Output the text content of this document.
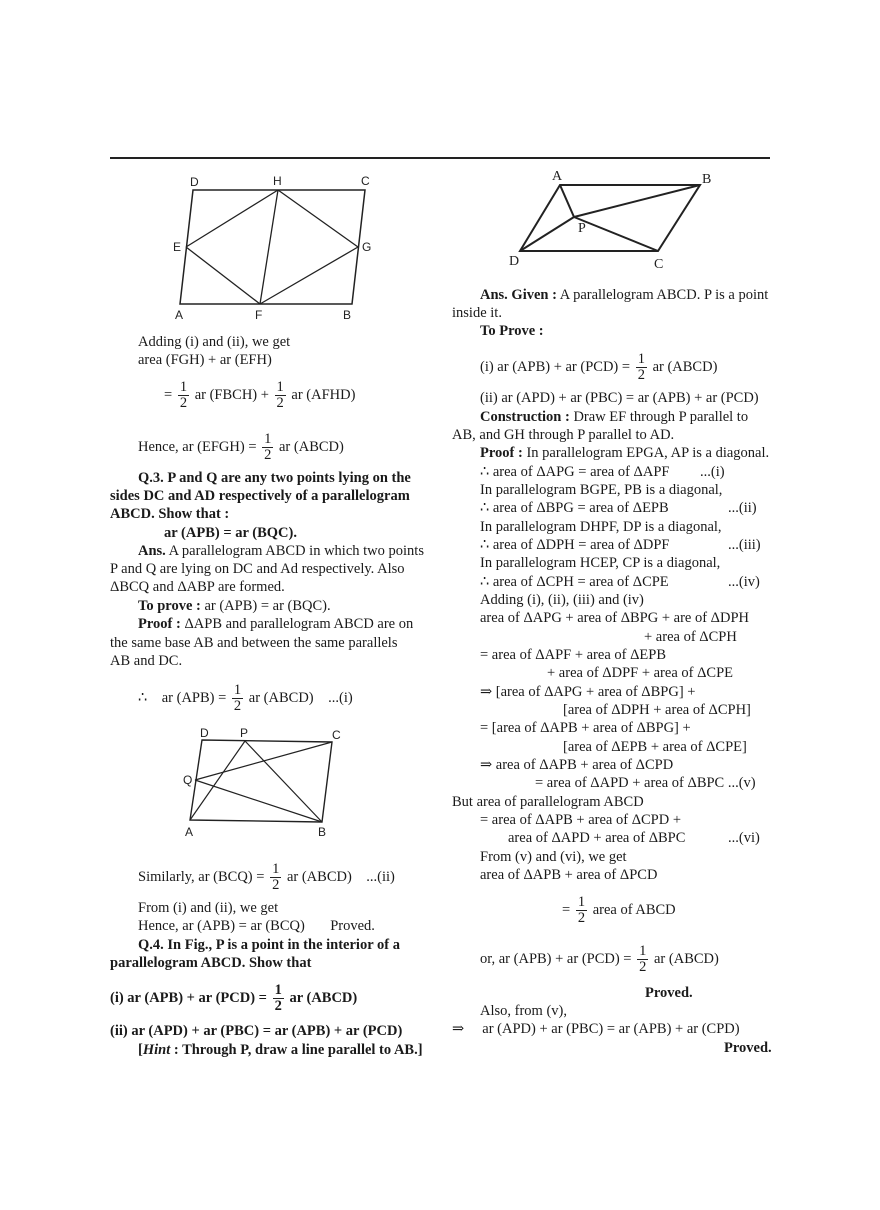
D	H	C
E	G
A	F	B
Adding (i) and (ii), we get
area (FGH) + ar (EFH)
= $\frac{1}{2}$ ar (FBCH) + $\frac{1}{2}$ ar (AFHD)
Hence, ar (EFGH) = $\frac{1}{2}$ ar (ABCD)
Q.3. P and Q are any two points lying on the
sides DC and AD respectively of a parallelogram
ABCD. Show that :
ar (APB) = ar (BQC).
Ans. A parallelogram ABCD in which two points
P and Q are lying on DC and Ad respectively. Also
ΔBCQ and ΔABP are formed.
To prove : ar (APB) = ar (BQC).
Proof : ΔAPB and parallelogram ABCD are on
the same base AB and between the same parallels
AB and DC.
∴ ar $(APB) = \frac{1}{2}$ ar (ABCD) ...(i)
D	P	C
Q
A	B
Similarly, ar $(BCQ) = \frac{1}{2}$ ar (ABCD) ...(ii)
From (i) and (ii), we get
Hence, ar (APB) = ar (BCQ) Proved.
Q.4. In Fig., P is a point in the interior of a
parallelogram ABCD. Show that
(i) ar (APB) + ar $(PCD) = \frac{1}{2}$ ar (ABCD)
(ii) ar (APD) + ar (PBC) = ar (APB) + ar (PCD)
[Hint : Through P, draw a line parallel to AB.]
A	B
P
D	C
Ans. Given : A parallelogram ABCD. P is a point
inside it.
To Prove :
(i) ar (APB) + ar $(PCD) = \frac{1}{2}$ ar (ABCD)
(ii) ar (APD) + ar (PBC) = ar (APB) + ar (PCD)
Construction : Draw EF through P parallel to
AB, and GH through P parallel to AD.
Proof : In parallelogram EPGA, AP is a diagonal.
∴ area of ΔAPG = area of ΔAPF ...(i)
In parallelogram BGPE, PB is a diagonal,
∴ area of ΔBPG = area of ΔEPB	...(ii)
In parallelogram DHPF, DP is a diagonal,
∴ area of ΔDPH = area of ΔDPF	...(iii)
In parallelogram HCEP, CP is a diagonal,
∴ area of ΔCPH = area of ΔCPE	...(iv)
Adding (i), (ii), (iii) and (iv)
area of ΔAPG + area of ΔBPG + are of ΔDPH
+ area of ΔCPH
= area of ΔAPF + area of ΔEPB
+ area of ΔDPF + area of ΔCPE
⇒ [area of ΔAPG + area of ΔBPG] +
[area of ΔDPH + area of ΔCPH]
= [area of ΔAPB + area of ΔBPG] +
[area of ΔEPB + area of ΔCPE]
⇒ area of ΔAPB + area of ΔCPD
= area of ΔAPD + area of ΔBPC ...(v)
But area of parallelogram ABCD
= area of ΔAPB + area of ΔCPD +
area of ΔAPD + area of ΔBPC	...(vi)
From (v) and (vi), we get
area of ΔAPB + area of ΔPCD
= $\frac{1}{2}$ area of ABCD
or, ar (APB) + ar $(PCD) = \frac{1}{2}$ ar (ABCD)
Proved.
Also, from (v),
⇒ ar (APD) + ar (PBC) = ar (APB) + ar (CPD)
Proved.
